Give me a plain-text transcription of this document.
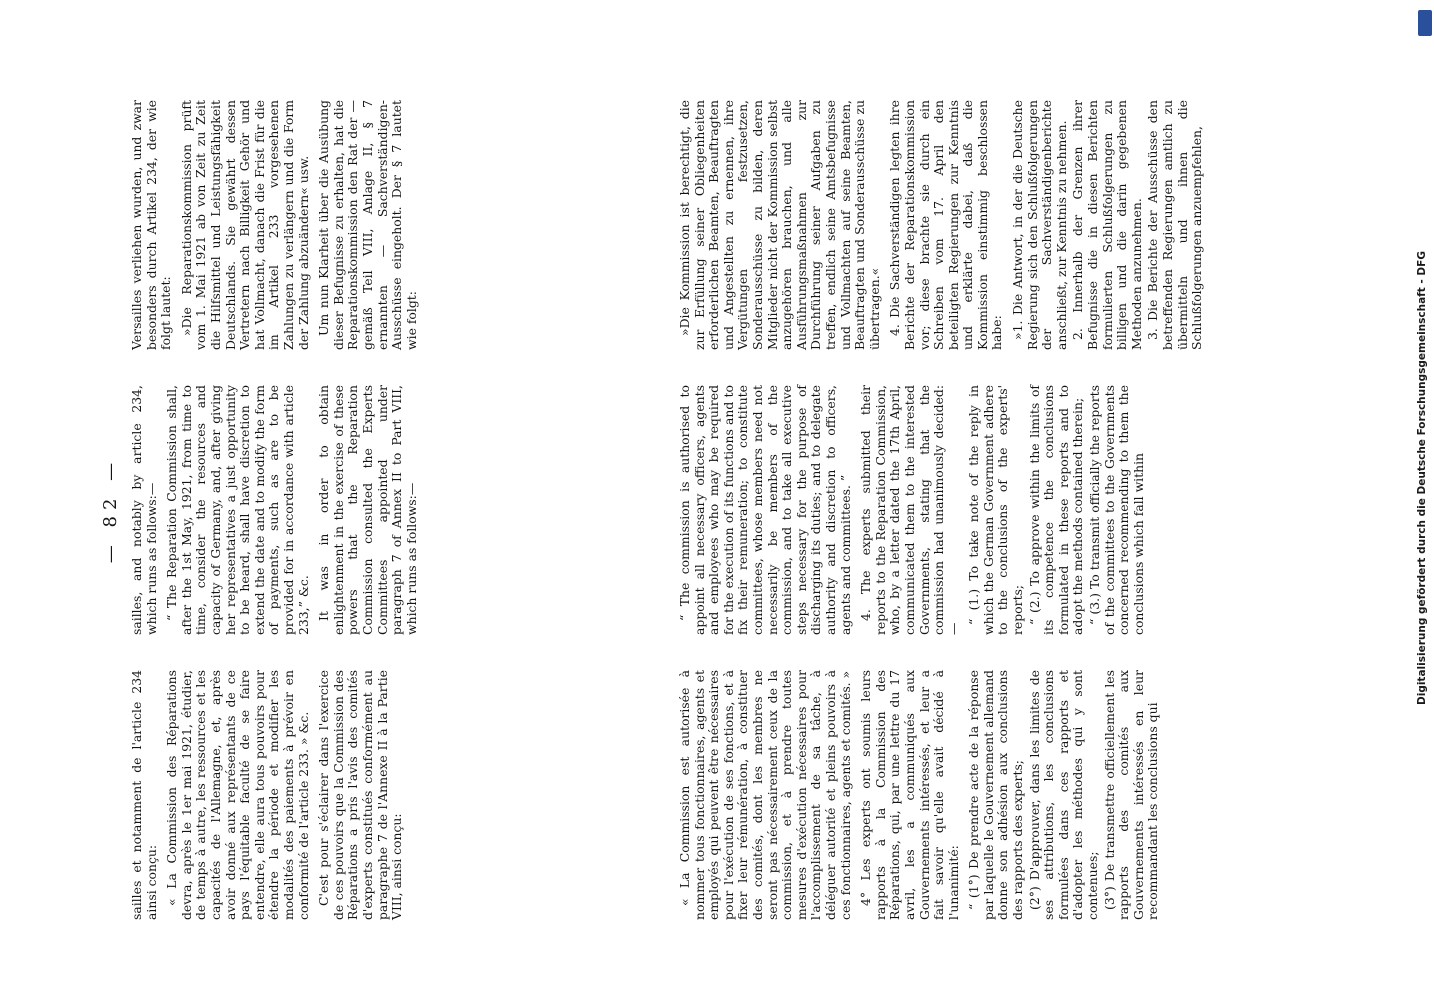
— 82 —

sailles et notamment de l'article 234 ainsi conçu: « La Commission des Réparations devra, après le 1er mai 1921, étudier, de temps à autre, les ressources et les capacités de l'Allemagne, et, après avoir donné aux représentants de ce pays l'équitable faculté de se faire entendre, elle aura tous pouvoirs pour étendre la période et modifier les modalités des paiements à prévoir en conformité de l'article 233. » &c. C'est pour s'éclairer dans l'exercice de ces pouvoirs que la Commission des Réparations a pris l'avis des comités d'experts constitués conformément au paragraphe 7 de l'Annexe II à la Partie VIII, ainsi conçu:

sailles, and notably by article 234, which runs as follows:— “ The Reparation Commission shall, after the 1st May, 1921, from time to time, consider the resources and capacity of Germany, and, after giving her representatives a just opportunity to be heard, shall have discretion to extend the date and to modify the form of payments, such as are to be provided for in accordance with article 233,” &c. It was in order to obtain enlightenment in the exercise of these powers that the Reparation Commission consulted the Experts Committees appointed under paragraph 7 of Annex II to Part VIII, which runs as follows:—

Versailles verliehen wurden, und zwar besonders durch Artikel 234, der wie folgt lautet: »Die Reparationskommission prüft vom 1. Mai 1921 ab von Zeit zu Zeit die Hilfsmittel und Leistungsfähigkeit Deutschlands. Sie gewährt dessen Vertretern nach Billigkeit Gehör und hat Vollmacht, danach die Frist für die im Artikel 233 vorgesehenen Zahlungen zu verlängern und die Form der Zahlung abzuändern« usw. Um nun Klarheit über die Ausübung dieser Befugnisse zu erhalten, hat die Reparationskommission den Rat der — gemäß Teil VIII, Anlage II, § 7 ernannten — Sachverständigen-Ausschüsse eingeholt. Der § 7 lautet wie folgt:

« La Commission est autorisée à nommer tous fonctionnaires, agents et employés qui peuvent être nécessaires pour l'exécution de ses fonctions, et à fixer leur rémunération, à constituer des comités, dont les membres ne seront pas nécessairement ceux de la commission, et à prendre toutes mesures d'exécution nécessaires pour l'accomplissement de sa tâche, à déléguer autorité et pleins pouvoirs à ces fonctionnaires, agents et comités. » 4° Les experts ont soumis leurs rapports à la Commission des Réparations, qui, par une lettre du 17 avril, les a communiqués aux Gouvernements intéressés, et leur a fait savoir qu'elle avait décidé à l'unanimité: “ (1°) De prendre acte de la réponse par laquelle le Gouvernement allemand donne son adhésion aux conclusions des rapports des experts; (2°) D'approuver, dans les limites de ses attributions, les conclusions formulées dans ces rapports et d'adopter les méthodes qui y sont contenues; (3°) De transmettre officiellement les rapports des comités aux Gouvernements intéressés en leur recommandant les conclusions qui

“ The commission is authorised to appoint all necessary officers, agents and employees who may be required for the execution of its functions and to fix their remuneration; to constitute committees, whose members need not necessarily be members of the commission, and to take all executive steps necessary for the purpose of discharging its duties; and to delegate authority and discretion to officers, agents and committees. ” 4. The experts submitted their reports to the Reparation Commission, who, by a letter dated the 17th April, communicated them to the interested Governments, stating that the commission had unanimously decided:—

“ (1.) To take note of the reply in which the German Government adhere to the conclusions of the experts' reports; “ (2.) To approve within the limits of its competence the conclusions formulated in these reports and to adopt the methods contained therein; “ (3.) To transmit officially the reports of the committees to the Governments concerned recommending to them the conclusions which fall within

»Die Kommission ist berechtigt, die zur Erfüllung seiner Obliegenheiten erforderlichen Beamten, Beauftragten und Angestellten zu ernennen, ihre Vergütungen festzusetzen, Sonderausschüsse zu bilden, deren Mitglieder nicht der Kommission selbst anzugehören brauchen, und alle Ausführungsmaßnahmen zur Durchführung seiner Aufgaben zu treffen, endlich seine Amtsbefugnisse und Vollmachten auf seine Beamten, Beauftragten und Sonderausschüsse zu übertragen.« 4. Die Sachverständigen legten ihre Berichte der Reparationskommission vor; diese brachte sie durch ein Schreiben vom 17. April den beteiligten Regierungen zur Kenntnis und erklärte dabei, daß die Kommission einstimmig beschlossen habe: »1. Die Antwort, in der die Deutsche Regierung sich den Schlußfolgerungen der Sachverständigenberichte anschließt, zur Kenntnis zu nehmen. 2. Innerhalb der Grenzen ihrer Befugnisse die in diesen Berichten formulierten Schlußfolgerungen zu billigen und die darin gegebenen Methoden anzunehmen. 3. Die Berichte der Ausschüsse den betreffenden Regierungen amtlich zu übermitteln und ihnen die Schlußfolgerungen anzuempfehlen,

Digitalisierung gefördert durch die Deutsche Forschungsgemeinschaft - DFG
